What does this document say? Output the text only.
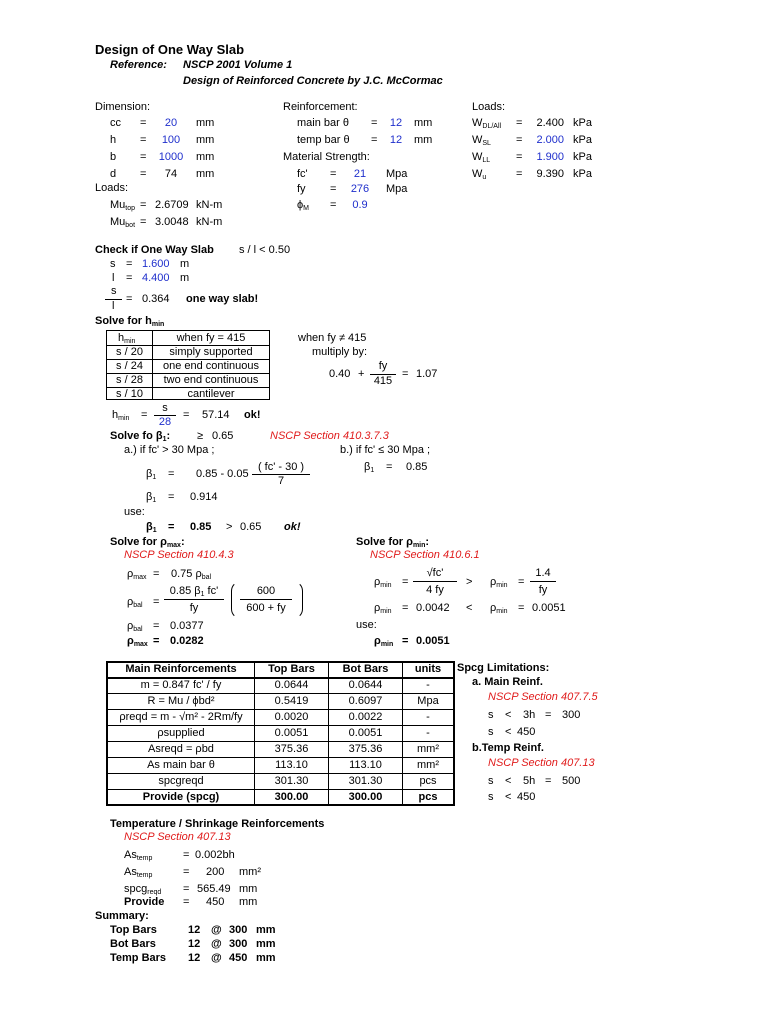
Design of One Way Slab
Reference: NSCP 2001 Volume 1
Design of Reinforced Concrete by J.C. McCormac
Dimension:
cc =	20	mm
h =	100	mm
b = 1000 mm
d =	74	mm
Loads:
$Mu_{top} = 2.6709$ kN-m
$Mu_{bot} = 3.0048$ kN-m
Reinforcement:
main bar θ =	12	mm
temp bar θ =	12	mm
Material Strength:
fc' =	21	Mpa
fy = 276 Mpa
$\phi_M$ =	0.9
Loads:
$W_{DL/All}$ =	2.400 kPa
$W_{SL}$ =	2.000 kPa
$W_{LL}$ =	1.900 kPa
$W_u$	=	9.390 kPa
Check if One Way Slab s / l < 0.50
s = 1.600 m
l = 4.400 m
s
l
= 0.364 one way slab!
Solve for $h_{min}$
$h_{min}$	when fy = 415
s / 20	simply supported
s / 24	one end continuous
s / 28	two end continuous
s / 10	cantilever
when fy ≠ 415
multiply by:
0.40 +
fy
415
= 1.07
$h_{min}$ =
s
28
= 57.14 ok!
Solve fo $\beta_1$: ≥ 0.65	NSCP Section 410.3.7.3
a.) if fc' > 30 Mpa ;	b.) if fc' ≤ 30 Mpa ;
$\beta_1 = 0.85 - 0.05$
( fc' - 30 )
7
$\beta_1 = 0.85$
$\beta_1 = 0.914$
use:
$\beta_1 = 0.85 > 0.65$ ok!
Solve for $\rho_{max}$:
NSCP Section 410.4.3
$\rho_{max} = 0.75$ $\rho_{bal}$
$\rho_{bal}$ =
0.85 $\beta_1$ fc'
fy
600
600 + fy
$\rho_{bal} = 0.0377$
$\rho_{max} = 0.0282$
Solve for $\rho_{min}$:
NSCP Section 410.6.1
$\rho_{min}$ =
√fc'
4 fy
> $\rho_{min}$ =
1.4
fy
$\rho_{min} = 0.0042 < \rho_{min} = 0.0051$
use:
$\rho_{min} = 0.0051$
Main Reinforcements	Top Bars	Bot Bars	units
m = 0.847 fc' / fy	0.0644	0.0644	-
R = Mu / ϕbd²	0.5419	0.6097	Mpa
ρreqd = m - √m² - 2Rm/fy	0.0020	0.0022	-
ρsupplied	0.0051	0.0051	-
Asreqd = ρbd	375.36	375.36	mm²
As main bar θ	113.10	113.10	mm²
spcgreqd	301.30	301.30	pcs
Provide (spcg)	300.00	300.00	pcs
Spcg Limitations:
a. Main Reinf.
NSCP Section 407.7.5
s < 3h = 300
s < 450
b.Temp Reinf.
NSCP Section 407.13
s < 5h = 500
s < 450
Temperature / Shrinkage Reinforcements
NSCP Section 407.13
$As_{temp}$	= 0.002bh
$As_{temp}$	= 200 mm²
spcg$_{reqd}$ = 565.49 mm
Provide = 450 mm
Summary:
Top Bars	12 @ 300 mm
Bot Bars	12 @ 300 mm
Temp Bars 12 @ 450 mm
